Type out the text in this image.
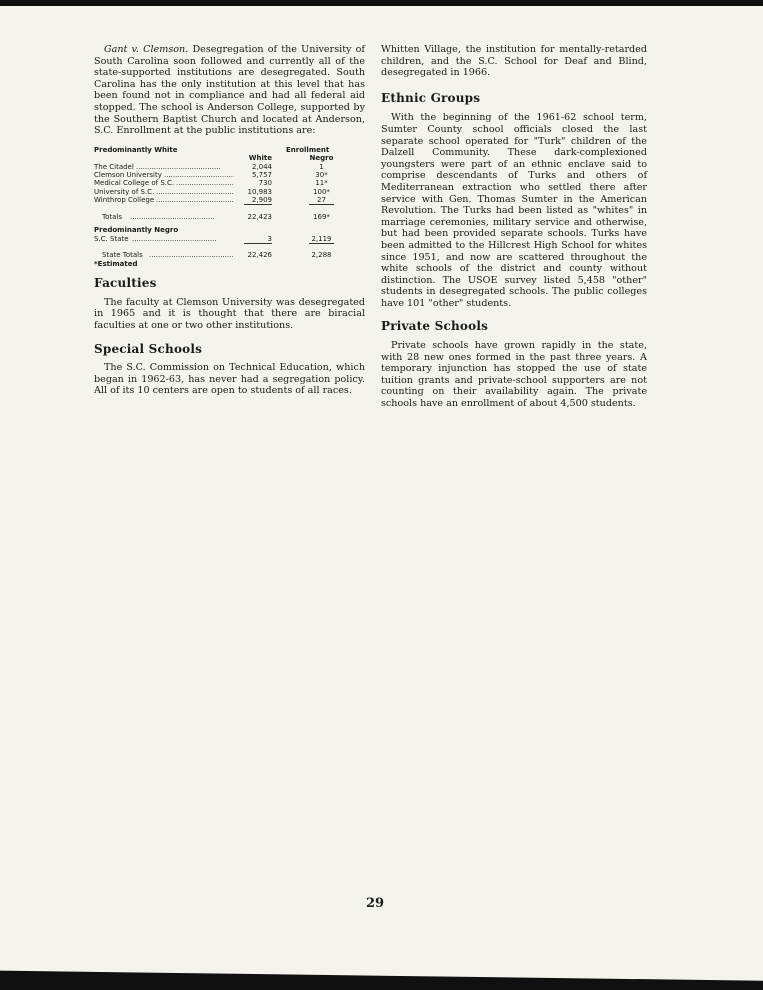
Gant v. Clemson. Desegregation of the University of South Carolina soon followed and currently all of the state-supported institutions are desegregated. South Carolina has the only institution at this level that has been found not in compliance and had all federal aid stopped. The school is Anderson College, supported by the Southern Baptist Church and located at Anderson, S.C. Enrollment at the public institutions are:

Predominantly White	Enrollment
White	Negro
The Citadel .....	2,044	1
Clemson University .....	5,757	30*
Medical College of S.C. .....	730	11*
University of S.C. .....	10,983	100*
Winthrop College .....	2,909	27
Totals .....	22,423	169*
Predominantly Negro
S.C. State .....	3	2,119
State Totals .....	22,426	2,288
*Estimated
Faculties

The faculty at Clemson University was desegregated in 1965 and it is thought that there are biracial faculties at one or two other institutions.

Special Schools

The S.C. Commission on Technical Education, which began in 1962-63, has never had a segregation policy. All of its 10 centers are open to students of all races.

Whitten Village, the institution for mentally-retarded children, and the S.C. School for Deaf and Blind, desegregated in 1966.

Ethnic Groups

With the beginning of the 1961-62 school term, Sumter County school officials closed the last separate school operated for "Turk" children of the Dalzell Community. These dark-complexioned youngsters were part of an ethnic enclave said to comprise descendants of Turks and others of Mediterranean extraction who settled there after service with Gen. Thomas Sumter in the American Revolution. The Turks had been listed as "whites" in marriage ceremonies, military service and otherwise, but had been provided separate schools. Turks have been admitted to the Hillcrest High School for whites since 1951, and now are scattered throughout the white schools of the district and county without distinction. The USOE survey listed 5,458 "other" students in desegregated schools. The public colleges have 101 "other" students.

Private Schools

Private schools have grown rapidly in the state, with 28 new ones formed in the past three years. A temporary injunction has stopped the use of state tuition grants and private-school supporters are not counting on their availability again. The private schools have an enrollment of about 4,500 students.

29
